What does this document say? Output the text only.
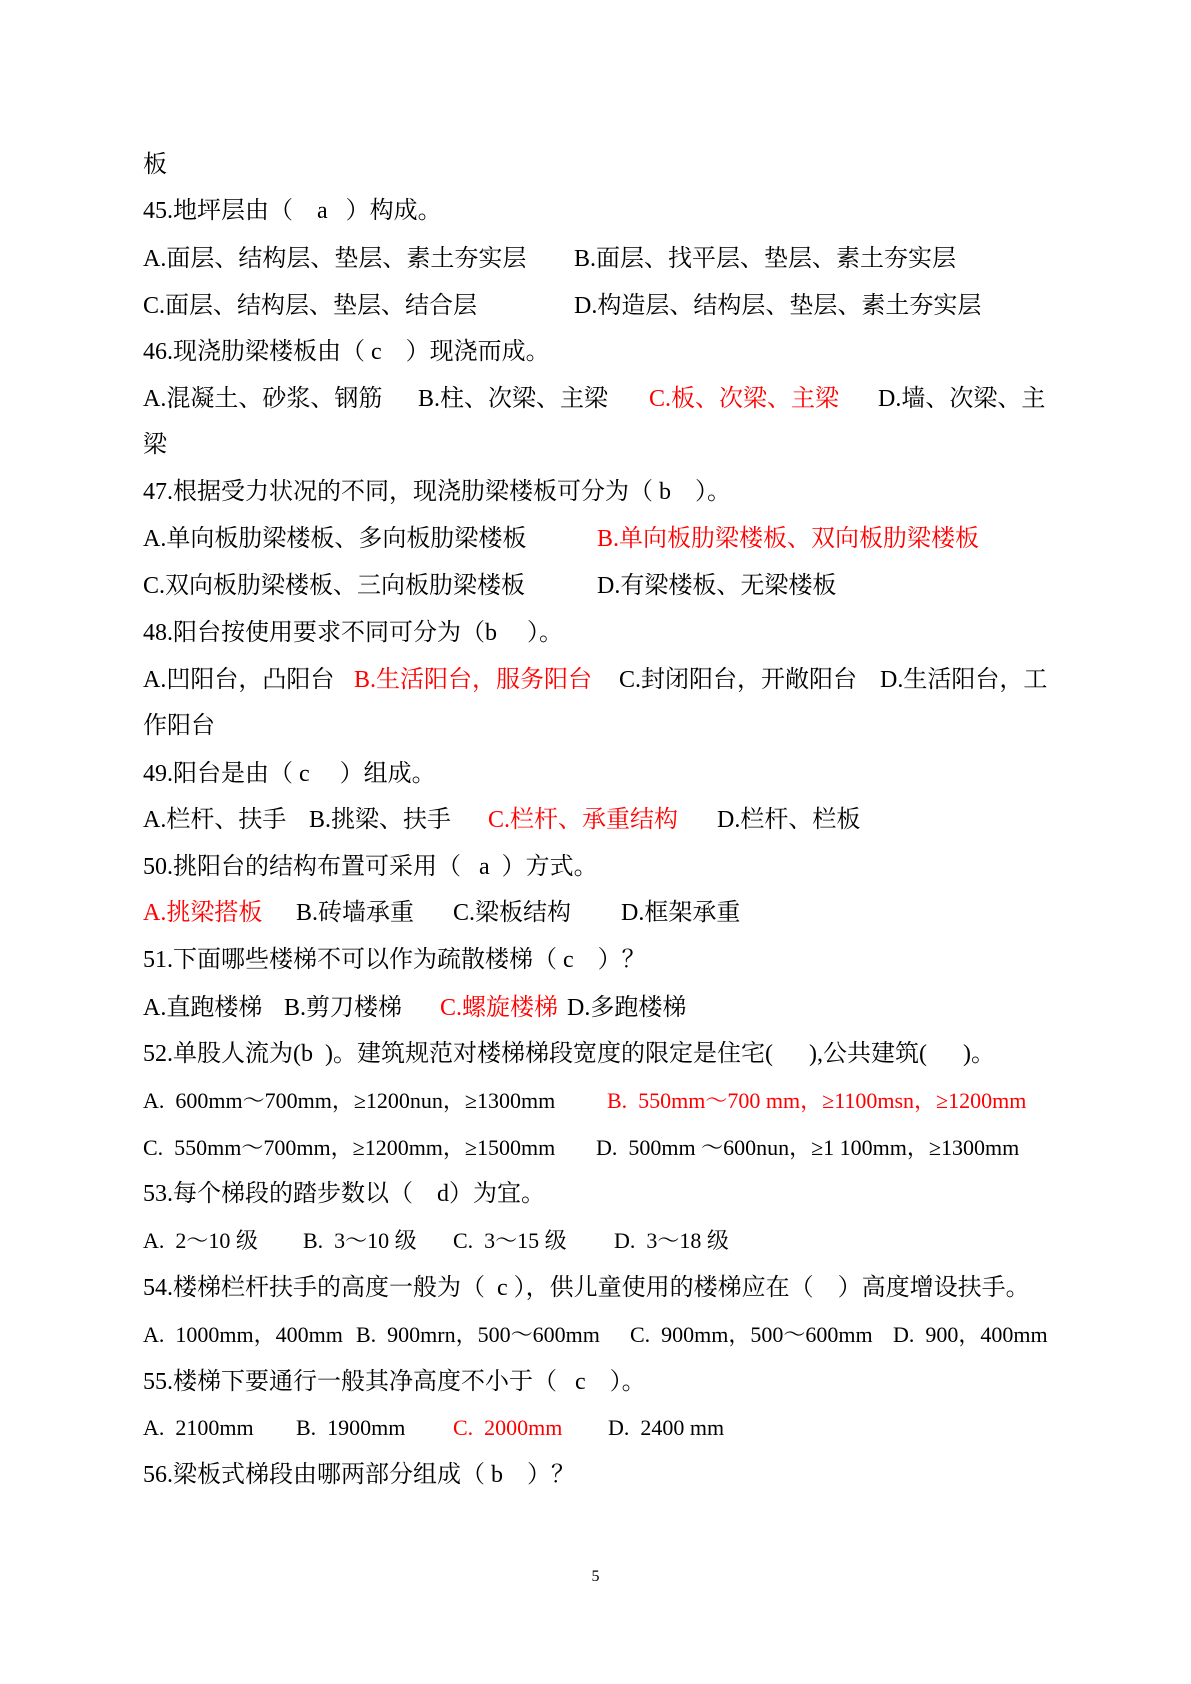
板
45.地坪层由（    a   ）构成。
A.面层、结构层、垫层、素土夯实层 B.面层、找平层、垫层、素土夯实层
C.面层、结构层、垫层、结合层	D.构造层、结构层、垫层、素土夯实层
46.现浇肋梁楼板由（ c    ）现浇而成。
A.混凝土、砂浆、钢筋 B.柱、次梁、主梁 C.板、次梁、主梁 D.墙、次梁、主
梁
47.根据受力状况的不同，现浇肋梁楼板可分为（ b    ）。
A.单向板肋梁楼板、多向板肋梁楼板	B.单向板肋梁楼板、双向板肋梁楼板
C.双向板肋梁楼板、三向板肋梁楼板	D.有梁楼板、无梁楼板
48.阳台按使用要求不同可分为（b     ）。
A.凹阳台，凸阳台 B.生活阳台，服务阳台 C.封闭阳台，开敞阳台 D.生活阳台，工
作阳台
49.阳台是由（ c     ）组成。
A.栏杆、扶手 B.挑梁、扶手 C.栏杆、承重结构 D.栏杆、栏板
50.挑阳台的结构布置可采用（   a  ）方式。
A.挑梁搭板 B.砖墙承重 C.梁板结构 D.框架承重
51.下面哪些楼梯不可以作为疏散楼梯（ c    ）？
A.直跑楼梯 B.剪刀楼梯 C.螺旋楼梯 D.多跑楼梯
52.单股人流为(b  )。建筑规范对楼梯梯段宽度的限定是住宅(      ),公共建筑(      )。
A.  600mm～700mm，≥1200nun，≥1300mm B.  550mm～700 mm，≥1100msn，≥1200mm
C.  550mm～700mm，≥1200mm，≥1500mm D.  500mm ～600nun，≥1 100mm，≥1300mm
53.每个梯段的踏步数以（    d）为宜。
A.  2～10 级 B.  3～10 级 C.  3～15 级 D.  3～18 级
54.楼梯栏杆扶手的高度一般为（  c ），供儿童使用的楼梯应在（    ）高度增设扶手。
A.  1000mm，400mm B.  900mrn，500～600mm C.  900mm，500～600mm D.  900，400mm
55.楼梯下要通行一般其净高度不小于（   c    ）。
A.  2100mm B.  1900mm C.  2000mm D.  2400 mm
56.梁板式梯段由哪两部分组成（ b    ）？
5
